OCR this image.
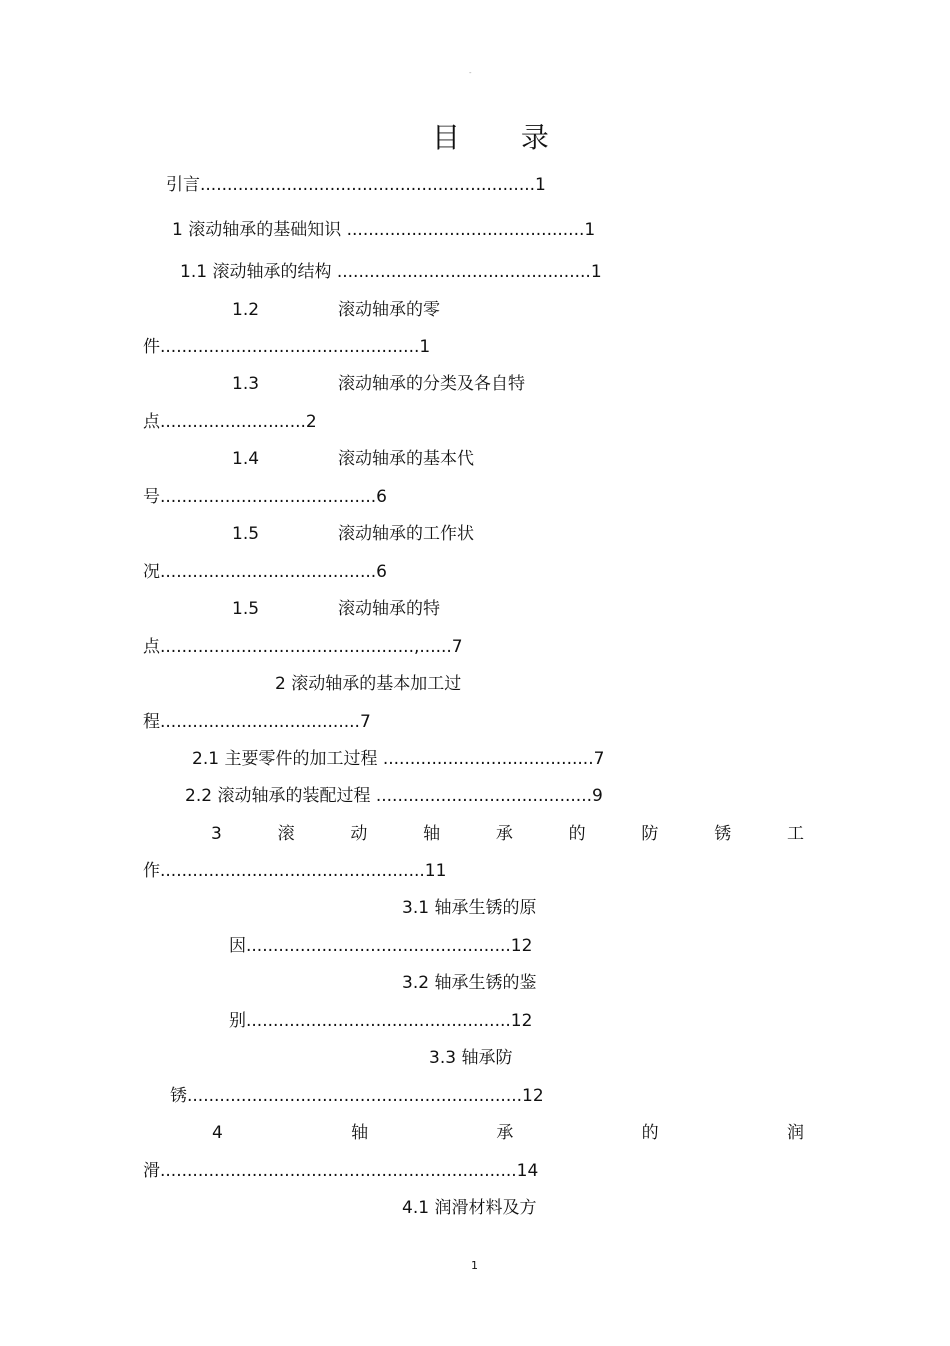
-
目 录
引言..............................................................1
1 滚动轴承的基础知识 ............................................1
1.1 滚动轴承的结构 ...............................................1
1.2	滚动轴承的零
件................................................1
1.3	滚动轴承的分类及各自特
点...........................2
1.4	滚动轴承的基本代
号........................................6
1.5	滚动轴承的工作状
况........................................6
1.5	滚动轴承的特
点...............................................,......7
2 滚动轴承的基本加工过
程.....................................7
2.1 主要零件的加工过程 .......................................7
2.2 滚动轴承的装配过程 ........................................9
3	滚	动	轴	承	的	防	锈	工
作.................................................11
3.1 轴承生锈的原
因.................................................12
3.2 轴承生锈的鉴
别.................................................12
3.3 轴承防
锈..............................................................12
4	轴	承	的	润
滑..................................................................14
4.1 润滑材料及方
1
